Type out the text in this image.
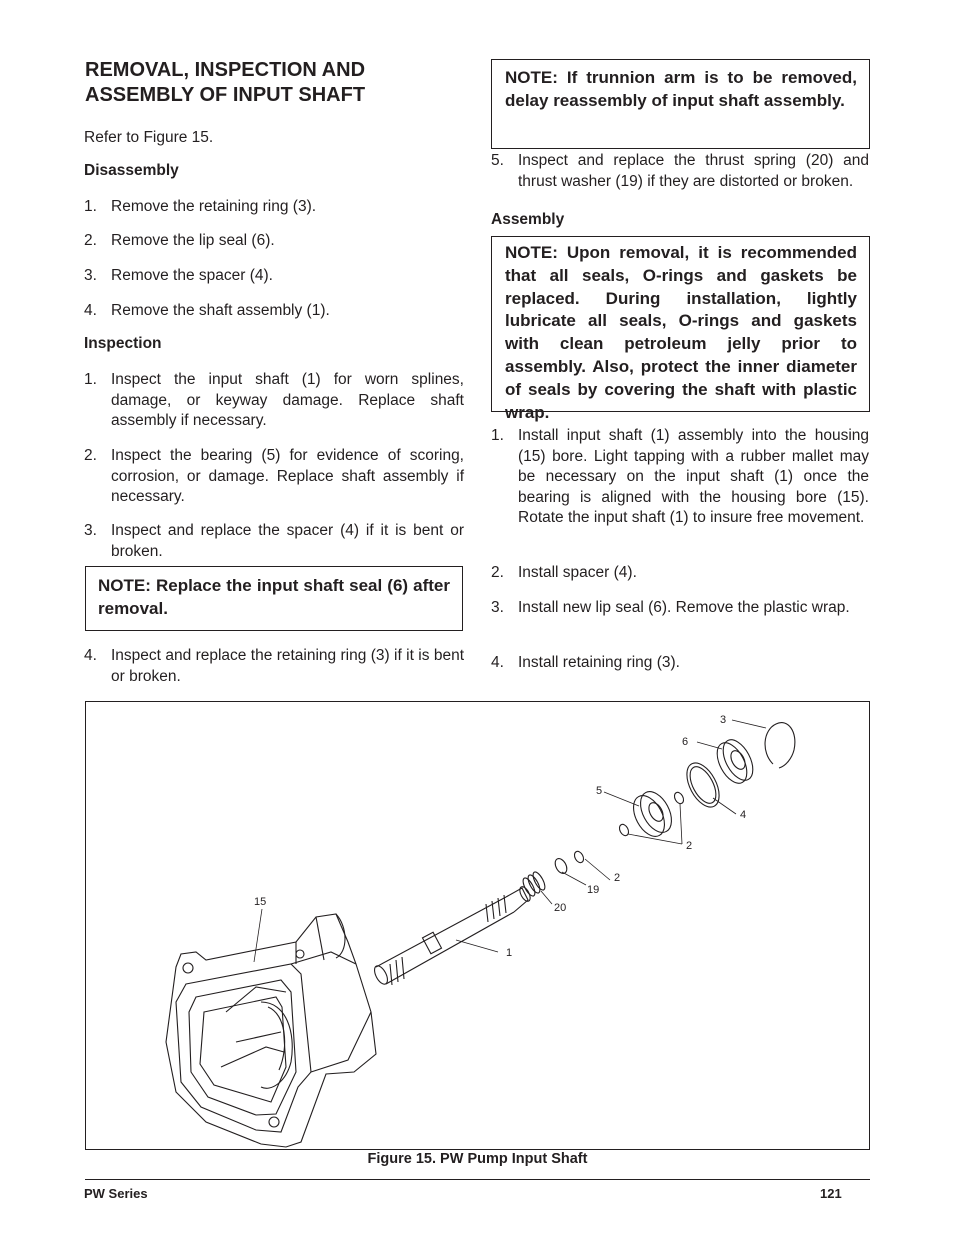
REMOVAL, INSPECTION AND ASSEMBLY OF INPUT SHAFT

Refer to Figure 15.

Disassembly

1. Remove the retaining ring (3).
2. Remove the lip seal (6).
3. Remove the spacer (4).
4. Remove the shaft assembly (1).

Inspection

1. Inspect the input shaft (1) for worn splines, damage, or keyway damage. Replace shaft assembly if necessary.
2. Inspect the bearing (5) for evidence of scoring, corrosion, or damage. Replace shaft assembly if necessary.
3. Inspect and replace the spacer (4) if it is bent or broken.
NOTE: Replace the input shaft seal (6) after removal.
4. Inspect and replace the retaining ring (3) if it is bent or broken.
NOTE: If trunnion arm is to be removed, delay reassembly of input shaft assembly.
5. Inspect and replace the thrust spring (20) and thrust washer (19) if they are distorted or broken.

Assembly

NOTE: Upon removal, it is recommended that all seals, O-rings and gaskets be replaced. During installation, lightly lubricate all seals, O-rings and gaskets with clean petroleum jelly prior to assembly. Also, protect the inner diameter of seals by covering the shaft with plastic wrap.
1. Install input shaft (1) assembly into the housing (15) bore. Light tapping with a rubber mallet may be necessary on the input shaft (1) once the bearing is aligned with the housing bore (15). Rotate the input shaft (1) to insure free movement.
2. Install spacer (4).
3. Install new lip seal (6). Remove the plastic wrap.
4. Install retaining ring (3).
3
6
5
4
2
2
19
20
15
1
Figure 15. PW Pump Input Shaft
PW Series	121
